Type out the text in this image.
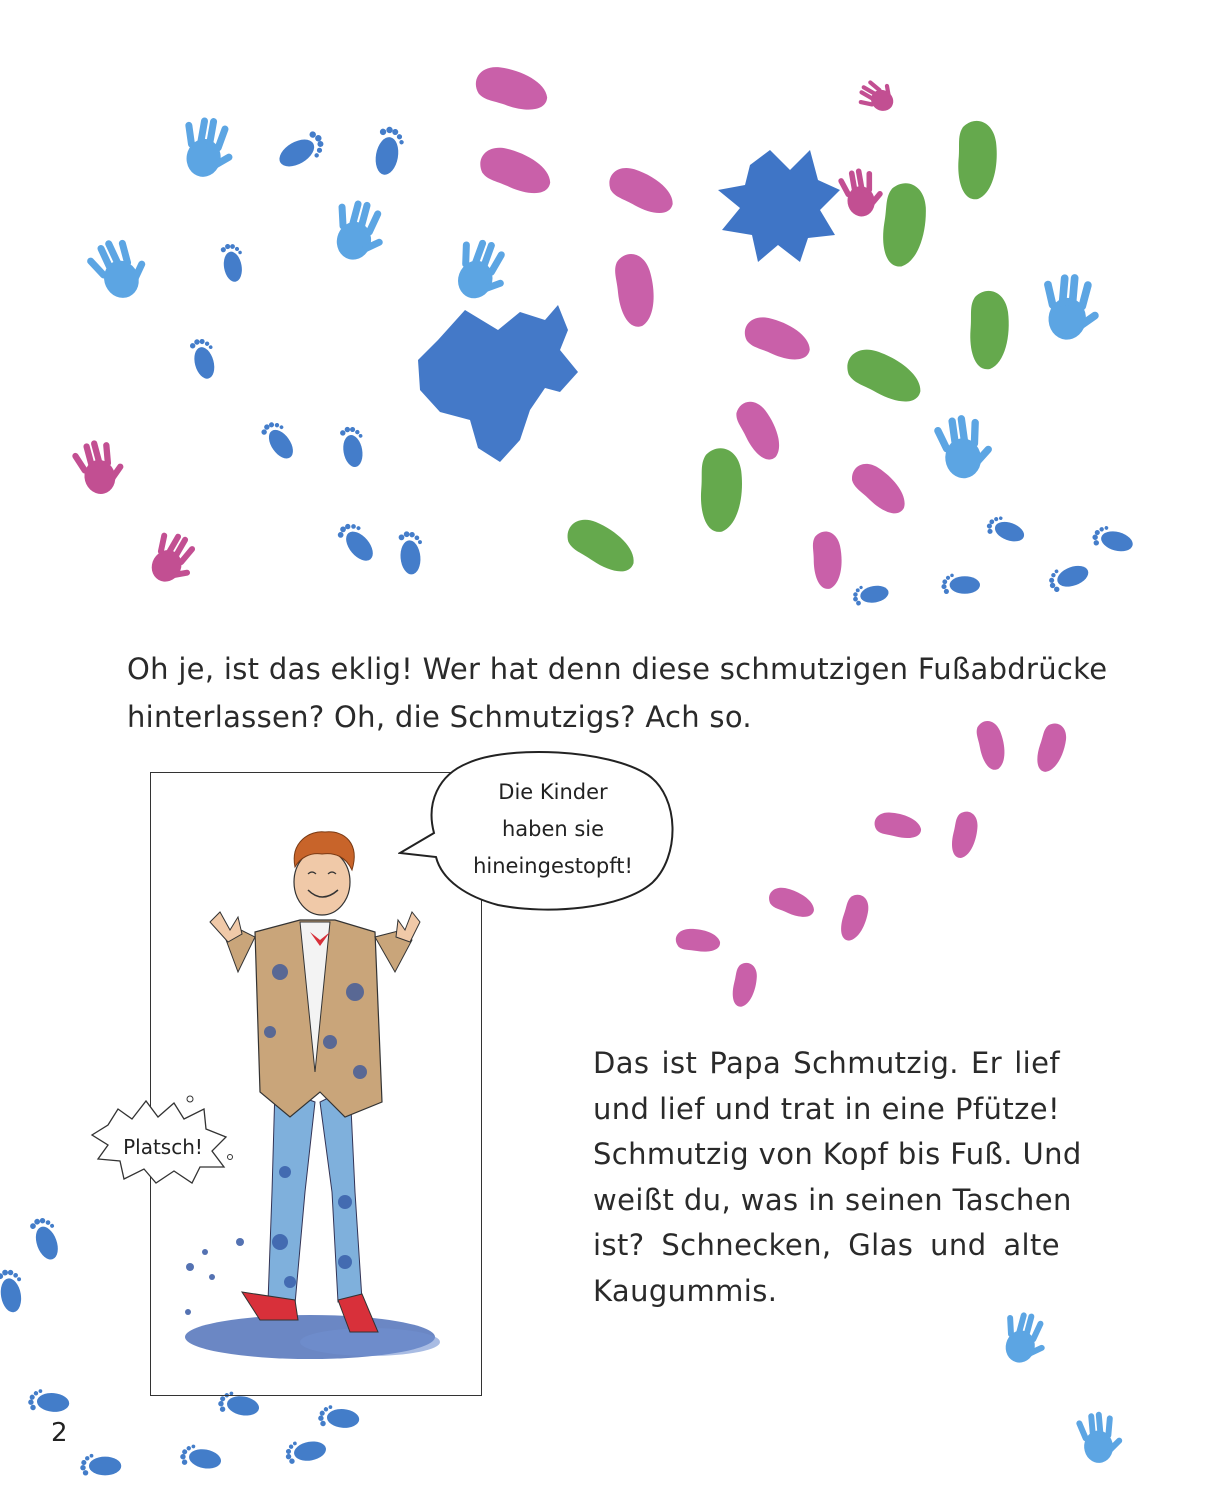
Oh je, ist das eklig! Wer hat denn diese schmutzigen Fußabdrücke
hinterlassen? Oh, die Schmutzigs? Ach so.

Die Kinder
haben sie
hineingestopft!
Platsch!

Das ist Papa Schmutzig. Er lief
und lief und trat in eine Pfütze!
Schmutzig von Kopf bis Fuß. Und
weißt du, was in seinen Taschen
ist? Schnecken, Glas und alte
Kaugummis.

2
